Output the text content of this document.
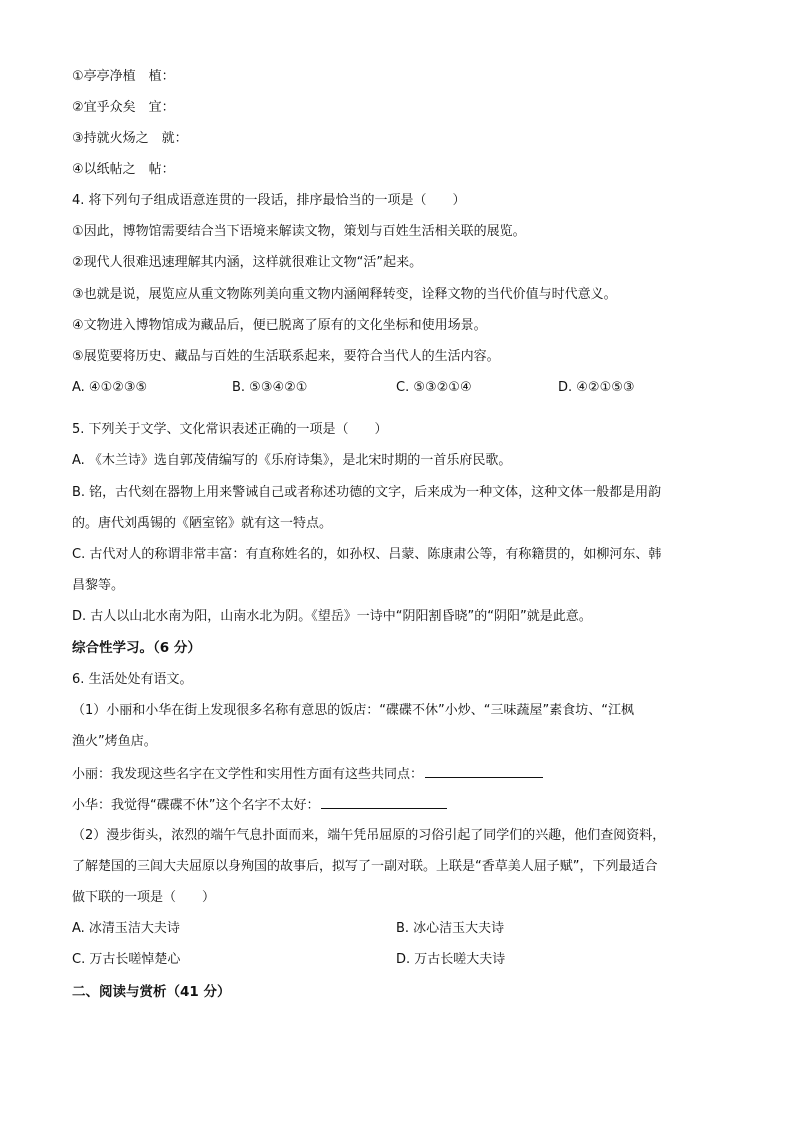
①亭亭净植　植：
②宜乎众矣　宜：
③持就火炀之　就：
④以纸帖之　帖：
4. 将下列句子组成语意连贯的一段话，排序最恰当的一项是（　　）
①因此，博物馆需要结合当下语境来解读文物，策划与百姓生活相关联的展览。
②现代人很难迅速理解其内涵，这样就很难让文物“活”起来。
③也就是说，展览应从重文物陈列美向重文物内涵阐释转变，诠释文物的当代价值与时代意义。
④文物进入博物馆成为藏品后，便已脱离了原有的文化坐标和使用场景。
⑤展览要将历史、藏品与百姓的生活联系起来，要符合当代人的生活内容。
A. ④①②③⑤	B. ⑤③④②①	C. ⑤③②①④	D. ④②①⑤③
5. 下列关于文学、文化常识表述正确的一项是（　　）
A. 《木兰诗》选自郭茂倩编写的《乐府诗集》，是北宋时期的一首乐府民歌。
B. 铭，古代刻在器物上用来警诫自己或者称述功德的文字，后来成为一种文体，这种文体一般都是用韵
的。唐代刘禹锡的《陋室铭》就有这一特点。
C. 古代对人的称谓非常丰富：有直称姓名的，如孙权、吕蒙、陈康肃公等，有称籍贯的，如柳河东、韩
昌黎等。
D. 古人以山北水南为阳，山南水北为阴。《望岳》一诗中“阴阳割昏晓”的“阴阳”就是此意。
综合性学习。（6 分）
6. 生活处处有语文。
（1）小丽和小华在街上发现很多名称有意思的饭店：“碟碟不休”小炒、“三味蔬屋”素食坊、“江枫
渔火”烤鱼店。
小丽：我发现这些名字在文学性和实用性方面有这些共同点：
小华：我觉得“碟碟不休”这个名字不太好：
（2）漫步街头，浓烈的端午气息扑面而来，端午凭吊屈原的习俗引起了同学们的兴趣，他们查阅资料，
了解楚国的三闾大夫屈原以身殉国的故事后，拟写了一副对联。上联是“香草美人屈子赋”，下列最适合
做下联的一项是（　　）
A. 冰清玉洁大夫诗	B. 冰心洁玉大夫诗
C. 万古长嗟悼楚心	D. 万古长嗟大夫诗
二、阅读与赏析（41 分）
